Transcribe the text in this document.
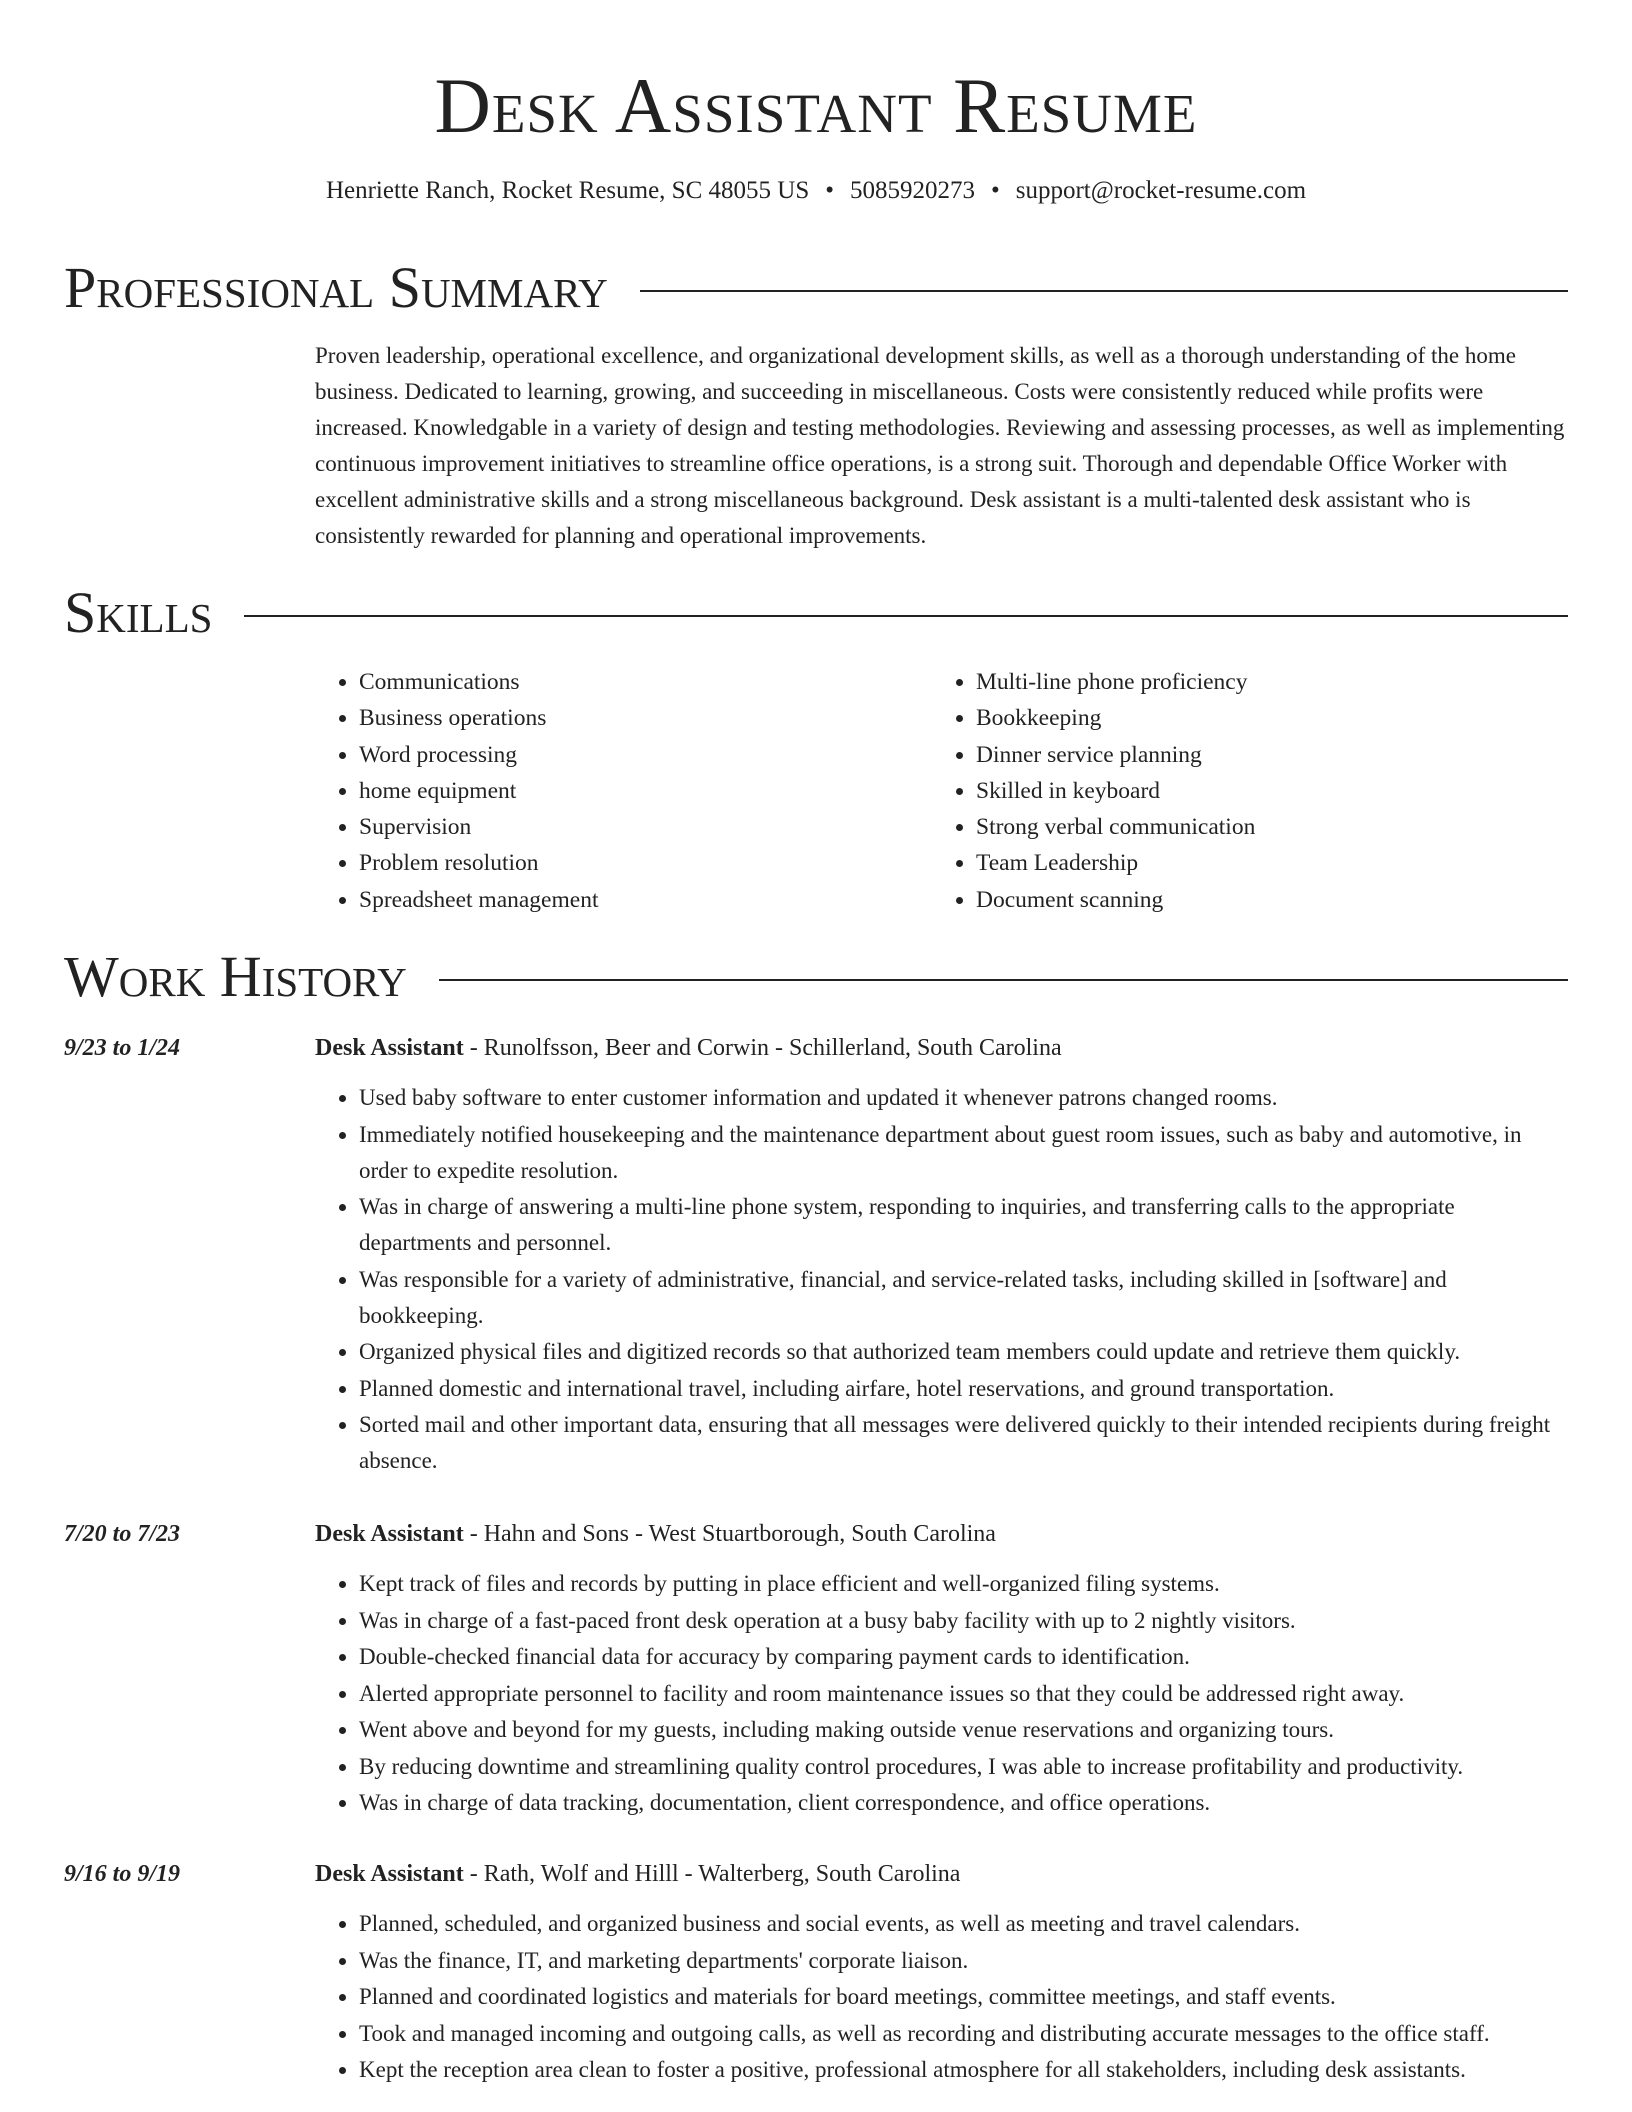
Desk Assistant Resume
Henriette Ranch, Rocket Resume, SC 48055 US • 5085920273 • support@rocket-resume.com
Professional Summary

Proven leadership, operational excellence, and organizational development skills, as well as a thorough understanding of the home business. Dedicated to learning, growing, and succeeding in miscellaneous. Costs were consistently reduced while profits were increased. Knowledgable in a variety of design and testing methodologies. Reviewing and assessing processes, as well as implementing continuous improvement initiatives to streamline office operations, is a strong suit. Thorough and dependable Office Worker with excellent administrative skills and a strong miscellaneous background. Desk assistant is a multi-talented desk assistant who is consistently rewarded for planning and operational improvements.

Skills
• Communications
• Business operations
• Word processing
• home equipment
• Supervision
• Problem resolution
• Spreadsheet management
• Multi-line phone proficiency
• Bookkeeping
• Dinner service planning
• Skilled in keyboard
• Strong verbal communication
• Team Leadership
• Document scanning
Work History
9/23 to 1/24	Desk Assistant - Runolfsson, Beer and Corwin - Schillerland, South Carolina
• Used baby software to enter customer information and updated it whenever patrons changed rooms.
• Immediately notified housekeeping and the maintenance department about guest room issues, such as baby and automotive, in order to expedite resolution.
• Was in charge of answering a multi-line phone system, responding to inquiries, and transferring calls to the appropriate departments and personnel.
• Was responsible for a variety of administrative, financial, and service-related tasks, including skilled in [software] and bookkeeping.
• Organized physical files and digitized records so that authorized team members could update and retrieve them quickly.
• Planned domestic and international travel, including airfare, hotel reservations, and ground transportation.
• Sorted mail and other important data, ensuring that all messages were delivered quickly to their intended recipients during freight absence.
7/20 to 7/23	Desk Assistant - Hahn and Sons - West Stuartborough, South Carolina
• Kept track of files and records by putting in place efficient and well-organized filing systems.
• Was in charge of a fast-paced front desk operation at a busy baby facility with up to 2 nightly visitors.
• Double-checked financial data for accuracy by comparing payment cards to identification.
• Alerted appropriate personnel to facility and room maintenance issues so that they could be addressed right away.
• Went above and beyond for my guests, including making outside venue reservations and organizing tours.
• By reducing downtime and streamlining quality control procedures, I was able to increase profitability and productivity.
• Was in charge of data tracking, documentation, client correspondence, and office operations.
9/16 to 9/19	Desk Assistant - Rath, Wolf and Hilll - Walterberg, South Carolina
• Planned, scheduled, and organized business and social events, as well as meeting and travel calendars.
• Was the finance, IT, and marketing departments' corporate liaison.
• Planned and coordinated logistics and materials for board meetings, committee meetings, and staff events.
• Took and managed incoming and outgoing calls, as well as recording and distributing accurate messages to the office staff.
• Kept the reception area clean to foster a positive, professional atmosphere for all stakeholders, including desk assistants.
